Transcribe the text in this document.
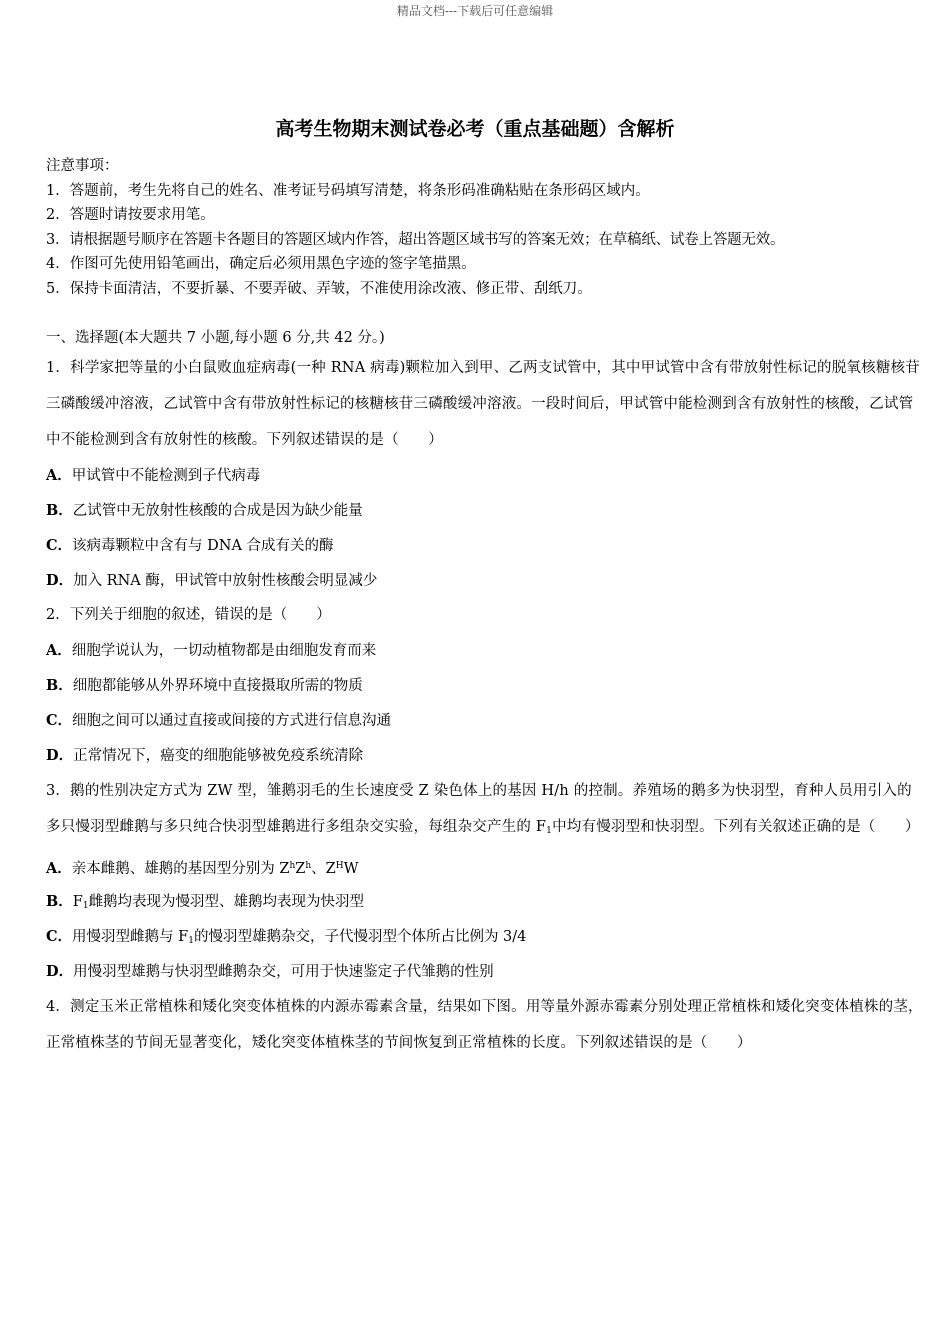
精品文档---下载后可任意编辑
高考生物期末测试卷必考（重点基础题）含解析
注意事项：
1．答题前，考生先将自己的姓名、准考证号码填写清楚，将条形码准确粘贴在条形码区域内。
2．答题时请按要求用笔。
3．请根据题号顺序在答题卡各题目的答题区域内作答，超出答题区域书写的答案无效；在草稿纸、试卷上答题无效。
4．作图可先使用铅笔画出，确定后必须用黑色字迹的签字笔描黑。
5．保持卡面清洁，不要折暴、不要弄破、弄皱，不准使用涂改液、修正带、刮纸刀。
一、选择题(本大题共 7 小题,每小题 6 分,共 42 分。)
1．科学家把等量的小白鼠败血症病毒(一种 RNA 病毒)颗粒加入到甲、乙两支试管中，其中甲试管中含有带放射性标记的脱氧核糖核苷三磷酸缓冲溶液，乙试管中含有带放射性标记的核糖核苷三磷酸缓冲溶液。一段时间后，甲试管中能检测到含有放射性的核酸，乙试管中不能检测到含有放射性的核酸。下列叙述错误的是（　　）
A．甲试管中不能检测到子代病毒
B．乙试管中无放射性核酸的合成是因为缺少能量
C．该病毒颗粒中含有与 DNA 合成有关的酶
D．加入 RNA 酶，甲试管中放射性核酸会明显减少
2．下列关于细胞的叙述，错误的是（　　）
A．细胞学说认为，一切动植物都是由细胞发育而来
B．细胞都能够从外界环境中直接摄取所需的物质
C．细胞之间可以通过直接或间接的方式进行信息沟通
D．正常情况下，癌变的细胞能够被免疫系统清除
3．鹅的性别决定方式为 ZW 型，雏鹅羽毛的生长速度受 Z 染色体上的基因 H/h 的控制。养殖场的鹅多为快羽型，育种人员用引入的多只慢羽型雌鹅与多只纯合快羽型雄鹅进行多组杂交实验，每组杂交产生的 $F_1$中均有慢羽型和快羽型。下列有关叙述正确的是（　　）
A．亲本雌鹅、雄鹅的基因型分别为 $Z^hZ^h$、$Z^HW$
B．$F_1$雌鹅均表现为慢羽型、雄鹅均表现为快羽型
C．用慢羽型雌鹅与 $F_1$的慢羽型雄鹅杂交，子代慢羽型个体所占比例为 3/4
D．用慢羽型雄鹅与快羽型雌鹅杂交，可用于快速鉴定子代雏鹅的性别
4．测定玉米正常植株和矮化突变体植株的内源赤霉素含量，结果如下图。用等量外源赤霉素分别处理正常植株和矮化突变体植株的茎，正常植株茎的节间无显著变化，矮化突变体植株茎的节间恢复到正常植株的长度。下列叙述错误的是（　　）
